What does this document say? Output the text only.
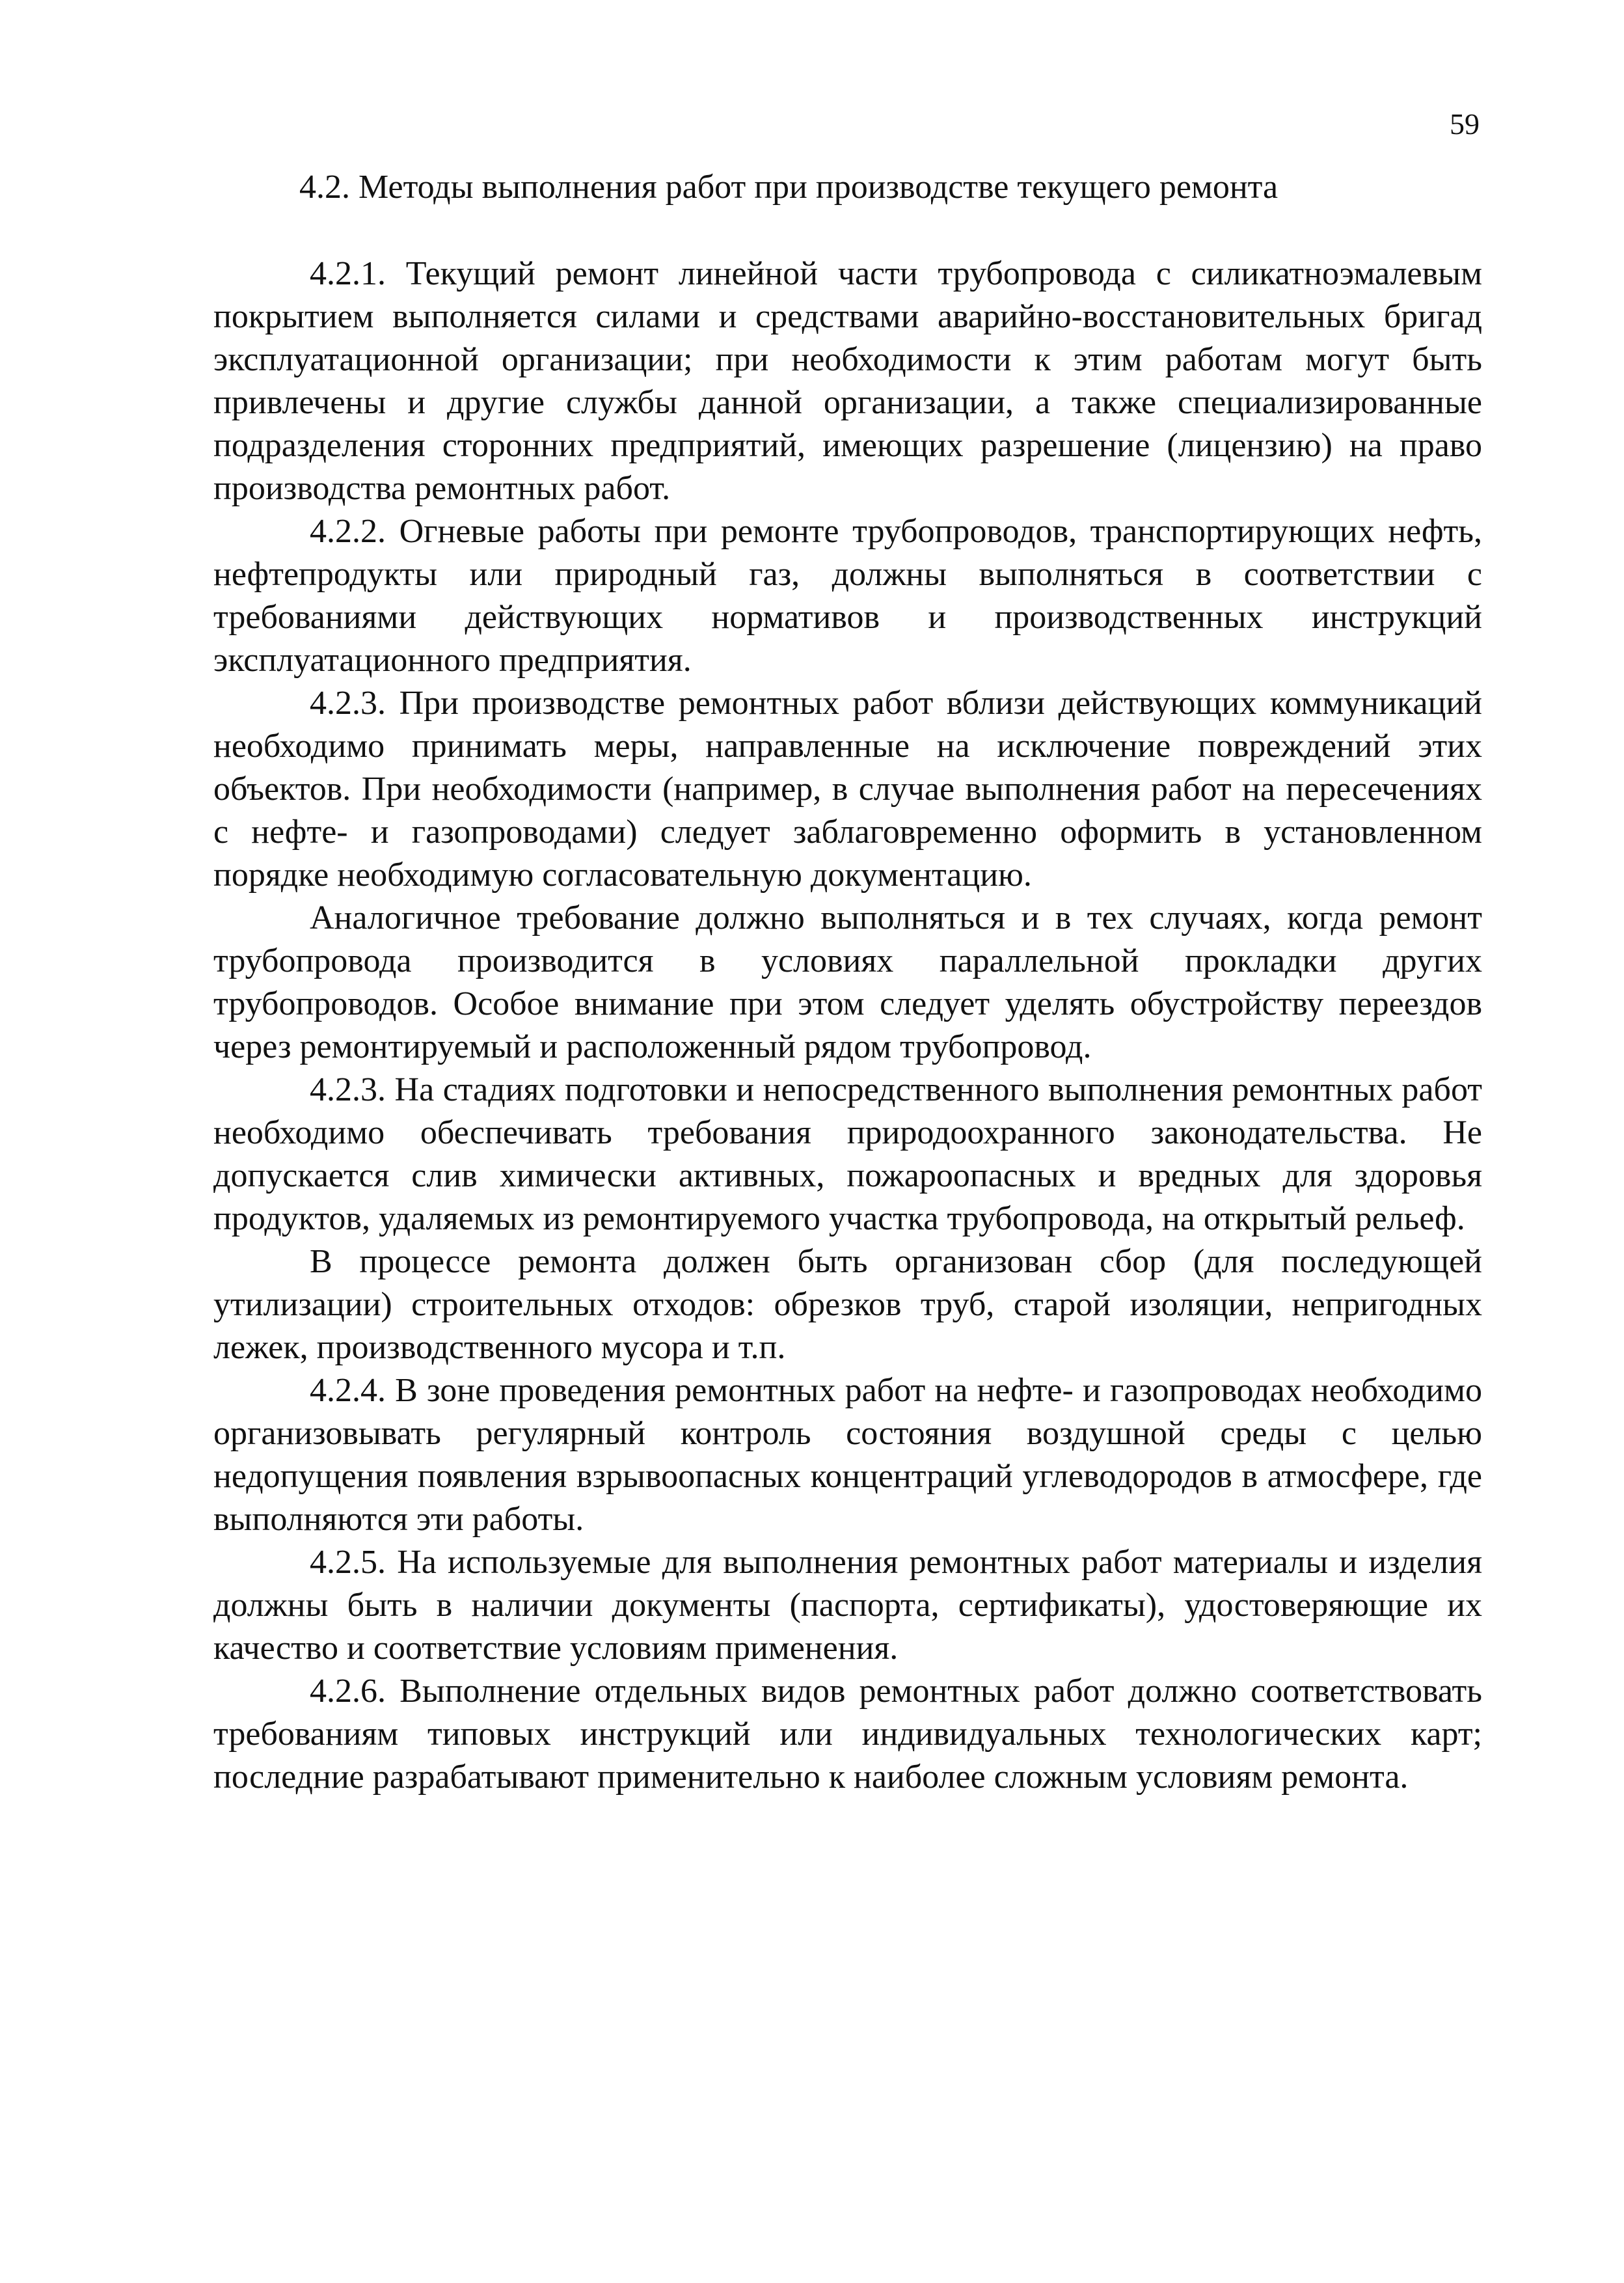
59
4.2. Методы выполнения работ при производстве текущего ремонта

4.2.1. Текущий ремонт линейной части трубопровода с силикатноэмалевым покрытием выполняется силами и средствами аварийно-восстановительных бригад эксплуатационной организации; при необходимости к этим работам могут быть привлечены и другие службы данной организации, а также специализированные подразделения сторонних предприятий, имеющих разрешение (лицензию) на право производства ремонтных работ.

4.2.2. Огневые работы при ремонте трубопроводов, транспортирующих нефть, нефтепродукты или природный газ, должны выполняться в соответствии с требованиями действующих нормативов и производственных инструкций эксплуатационного предприятия.

4.2.3. При производстве ремонтных работ вблизи действующих коммуникаций необходимо принимать меры, направленные на исключение повреждений этих объектов. При необходимости (например, в случае выполнения работ на пересечениях с нефте- и газопроводами) следует заблаговременно оформить в установленном порядке необходимую согласовательную документацию.

Аналогичное требование должно выполняться и в тех случаях, когда ремонт трубопровода производится в условиях параллельной прокладки других трубопроводов. Особое внимание при этом следует уделять обустройству переездов через ремонтируемый и расположенный рядом трубопровод.

4.2.3. На стадиях подготовки и непосредственного выполнения ремонтных работ необходимо обеспечивать требования природоохранного законодательства. Не допускается слив химически активных, пожароопасных и вредных для здоровья продуктов, удаляемых из ремонтируемого участка трубопровода, на открытый рельеф.

В процессе ремонта должен быть организован сбор (для последующей утилизации) строительных отходов: обрезков труб, старой изоляции, непригодных лежек, производственного мусора и т.п.

4.2.4. В зоне проведения ремонтных работ на нефте- и газопроводах необходимо организовывать регулярный контроль состояния воздушной среды с целью недопущения появления взрывоопасных концентраций углеводородов в атмосфере, где выполняются эти работы.

4.2.5. На используемые для выполнения ремонтных работ материалы и изделия должны быть в наличии документы (паспорта, сертификаты), удостоверяющие их качество и соответствие условиям применения.

4.2.6. Выполнение отдельных видов ремонтных работ должно соответствовать требованиям типовых инструкций или индивидуальных технологических карт; последние разрабатывают применительно к наиболее сложным условиям ремонта.
